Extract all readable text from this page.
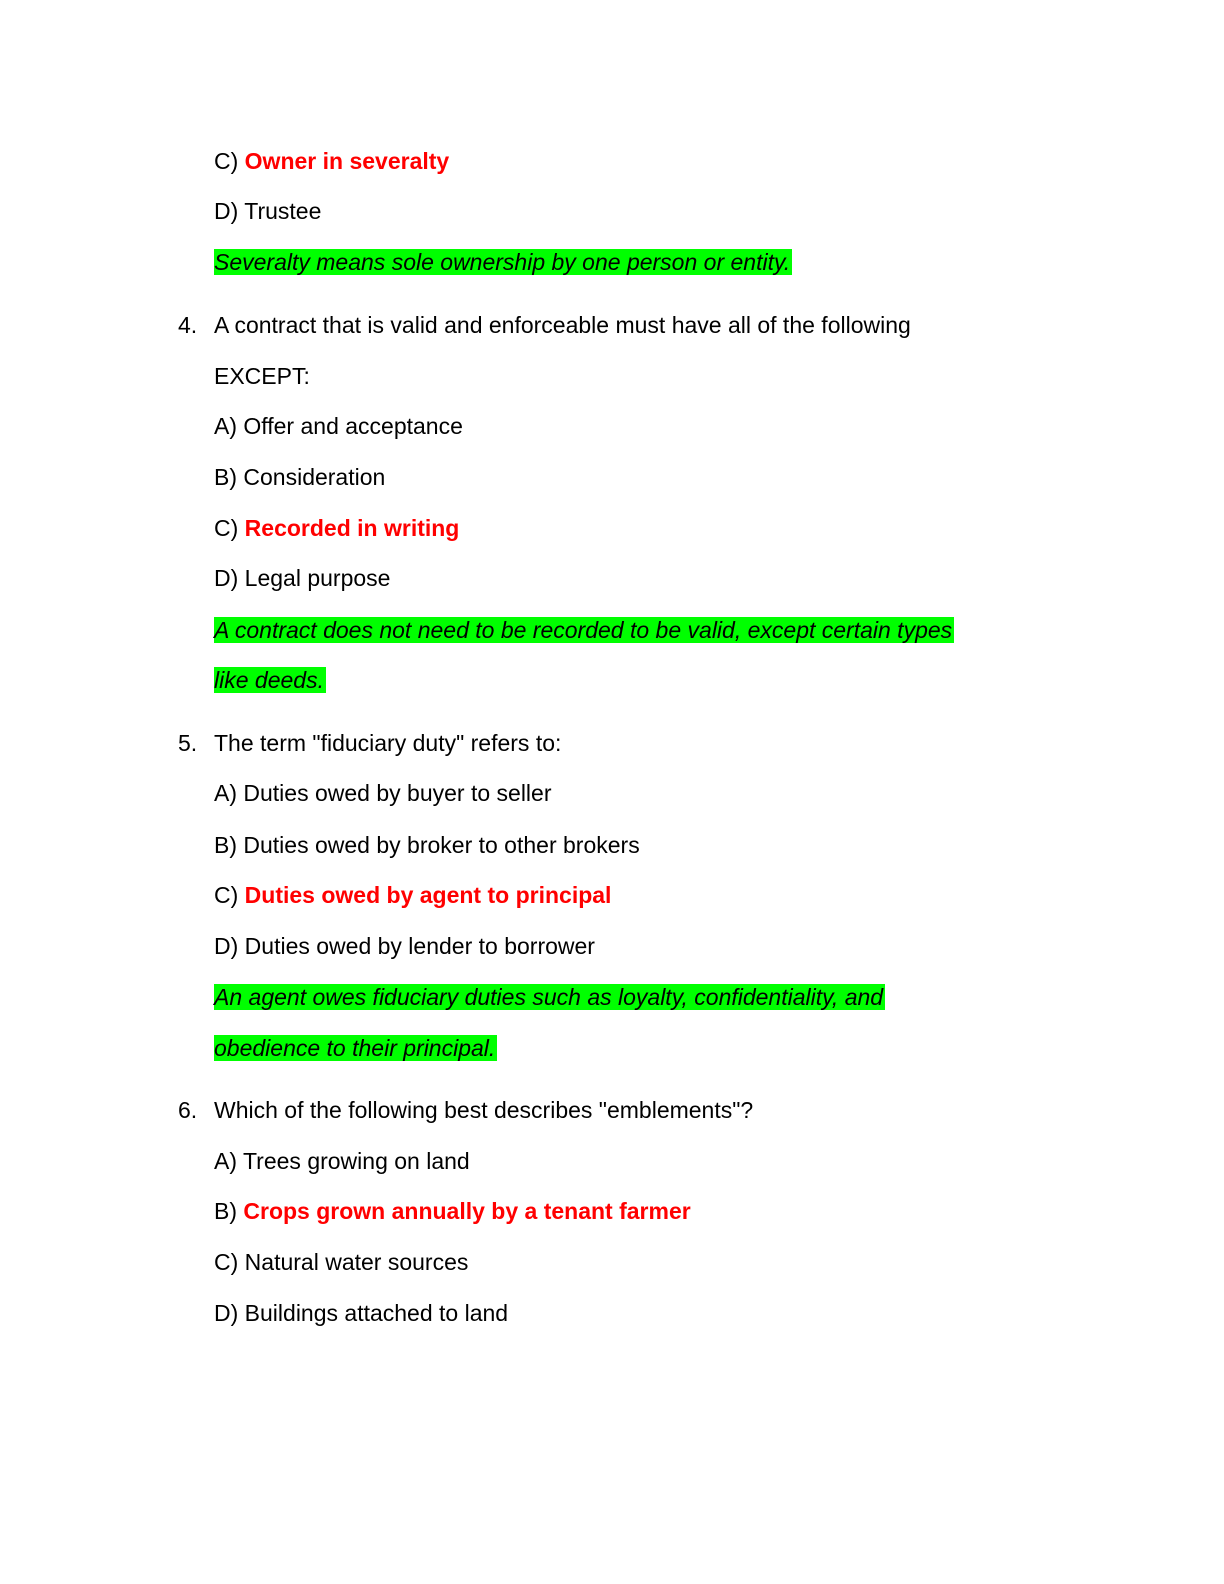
C) Owner in severalty
D) Trustee
Severalty means sole ownership by one person or entity.
4. A contract that is valid and enforceable must have all of the following
EXCEPT:
A) Offer and acceptance
B) Consideration
C) Recorded in writing
D) Legal purpose
A contract does not need to be recorded to be valid, except certain types
like deeds.
5. The term "fiduciary duty" refers to:
A) Duties owed by buyer to seller
B) Duties owed by broker to other brokers
C) Duties owed by agent to principal
D) Duties owed by lender to borrower
An agent owes fiduciary duties such as loyalty, confidentiality, and
obedience to their principal.
6. Which of the following best describes "emblements"?
A) Trees growing on land
B) Crops grown annually by a tenant farmer
C) Natural water sources
D) Buildings attached to land
